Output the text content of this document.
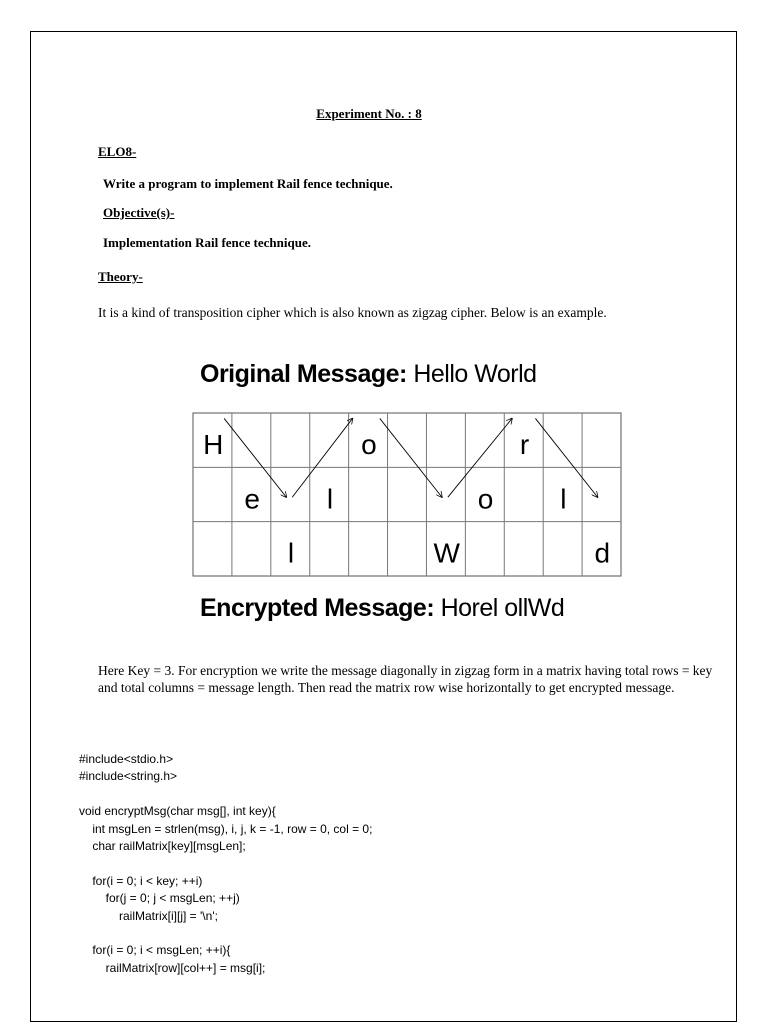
Experiment No. : 8
ELO8-
Write a program to implement Rail fence technique.
Objective(s)-
Implementation Rail fence technique.
Theory-
It is a kind of transposition cipher which is also known as zigzag cipher. Below is an example.
Original Message: Hello World
H
e
l
l
o
W
o
r
l
d
Encrypted Message: Horel ollWd
Here Key = 3. For encryption we write the message diagonally in zigzag form in a matrix having total rows = key and total columns = message length. Then read the matrix row wise horizontally to get encrypted message.
#include<stdio.h>
#include<string.h>

void encryptMsg(char msg[], int key){
int msgLen = strlen(msg), i, j, k = -1, row = 0, col = 0;
char railMatrix[key][msgLen];

for(i = 0; i < key; ++i)
for(j = 0; j < msgLen; ++j)
railMatrix[i][j] = '\n';

for(i = 0; i < msgLen; ++i){
railMatrix[row][col++] = msg[i];
